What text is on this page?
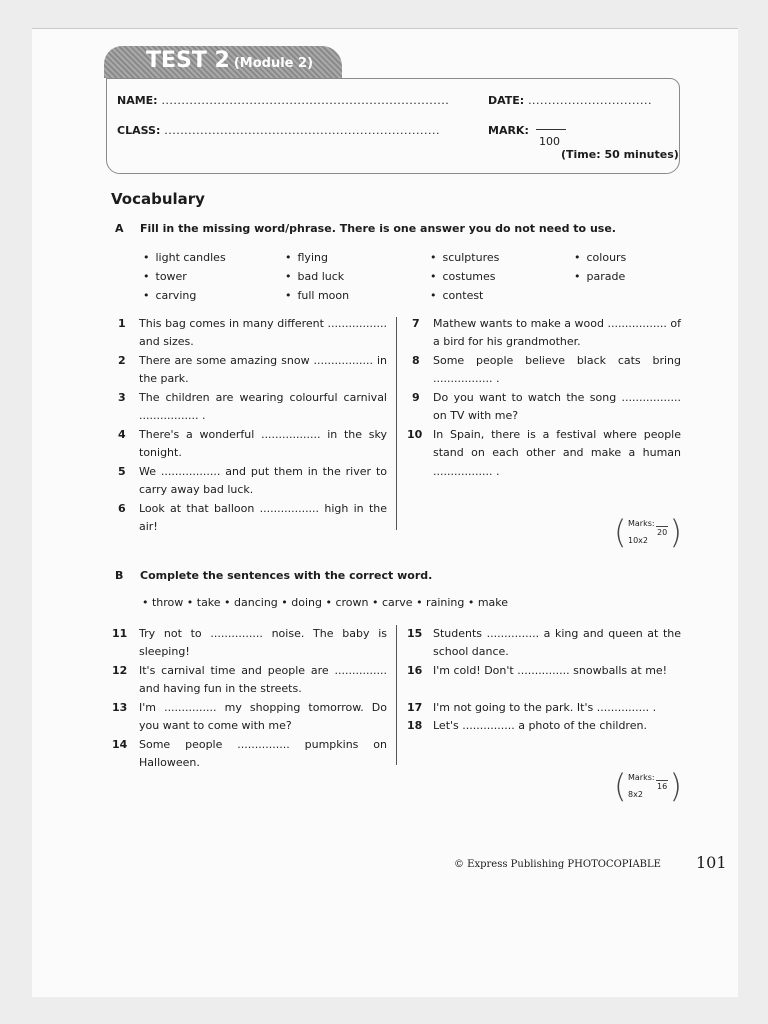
TEST 2 (Module 2)
NAME: ........................................................................	DATE: ...............................
CLASS: .....................................................................	MARK:
100
(Time: 50 minutes)
Vocabulary
A Fill in the missing word/phrase. There is one answer you do not need to use.
• light candles
• tower
• carving
• flying
• bad luck
• full moon
• sculptures
• costumes
• contest
• colours
• parade
1 This bag comes in many different ................. and sizes.
2 There are some amazing snow ................. in the park.
3 The children are wearing colourful carnival ................. .
4 There's a wonderful ................. in the sky tonight.
5 We ................. and put them in the river to carry away bad luck.
6 Look at that balloon ................. high in the air!
7 Mathew wants to make a wood ................. of a bird for his grandmother.
8 Some people believe black cats bring ................. .
9 Do you want to watch the song ................. on TV with me?
10 In Spain, there is a festival where people stand on each other and make a human ................. .
( Marks:
20
10x2 )
B Complete the sentences with the correct word.
• throw • take • dancing • doing • crown • carve • raining • make
11 Try not to ............... noise. The baby is sleeping!
12 It's carnival time and people are ............... and having fun in the streets.
13 I'm ............... my shopping tomorrow. Do you want to come with me?
14 Some people ............... pumpkins on Halloween.
15 Students ............... a king and queen at the school dance.
16 I'm cold! Don't ............... snowballs at me!
17 I'm not going to the park. It's ............... .
18 Let's ............... a photo of the children.
( Marks:
16
8x2 )
© Express Publishing PHOTOCOPIABLE 101
